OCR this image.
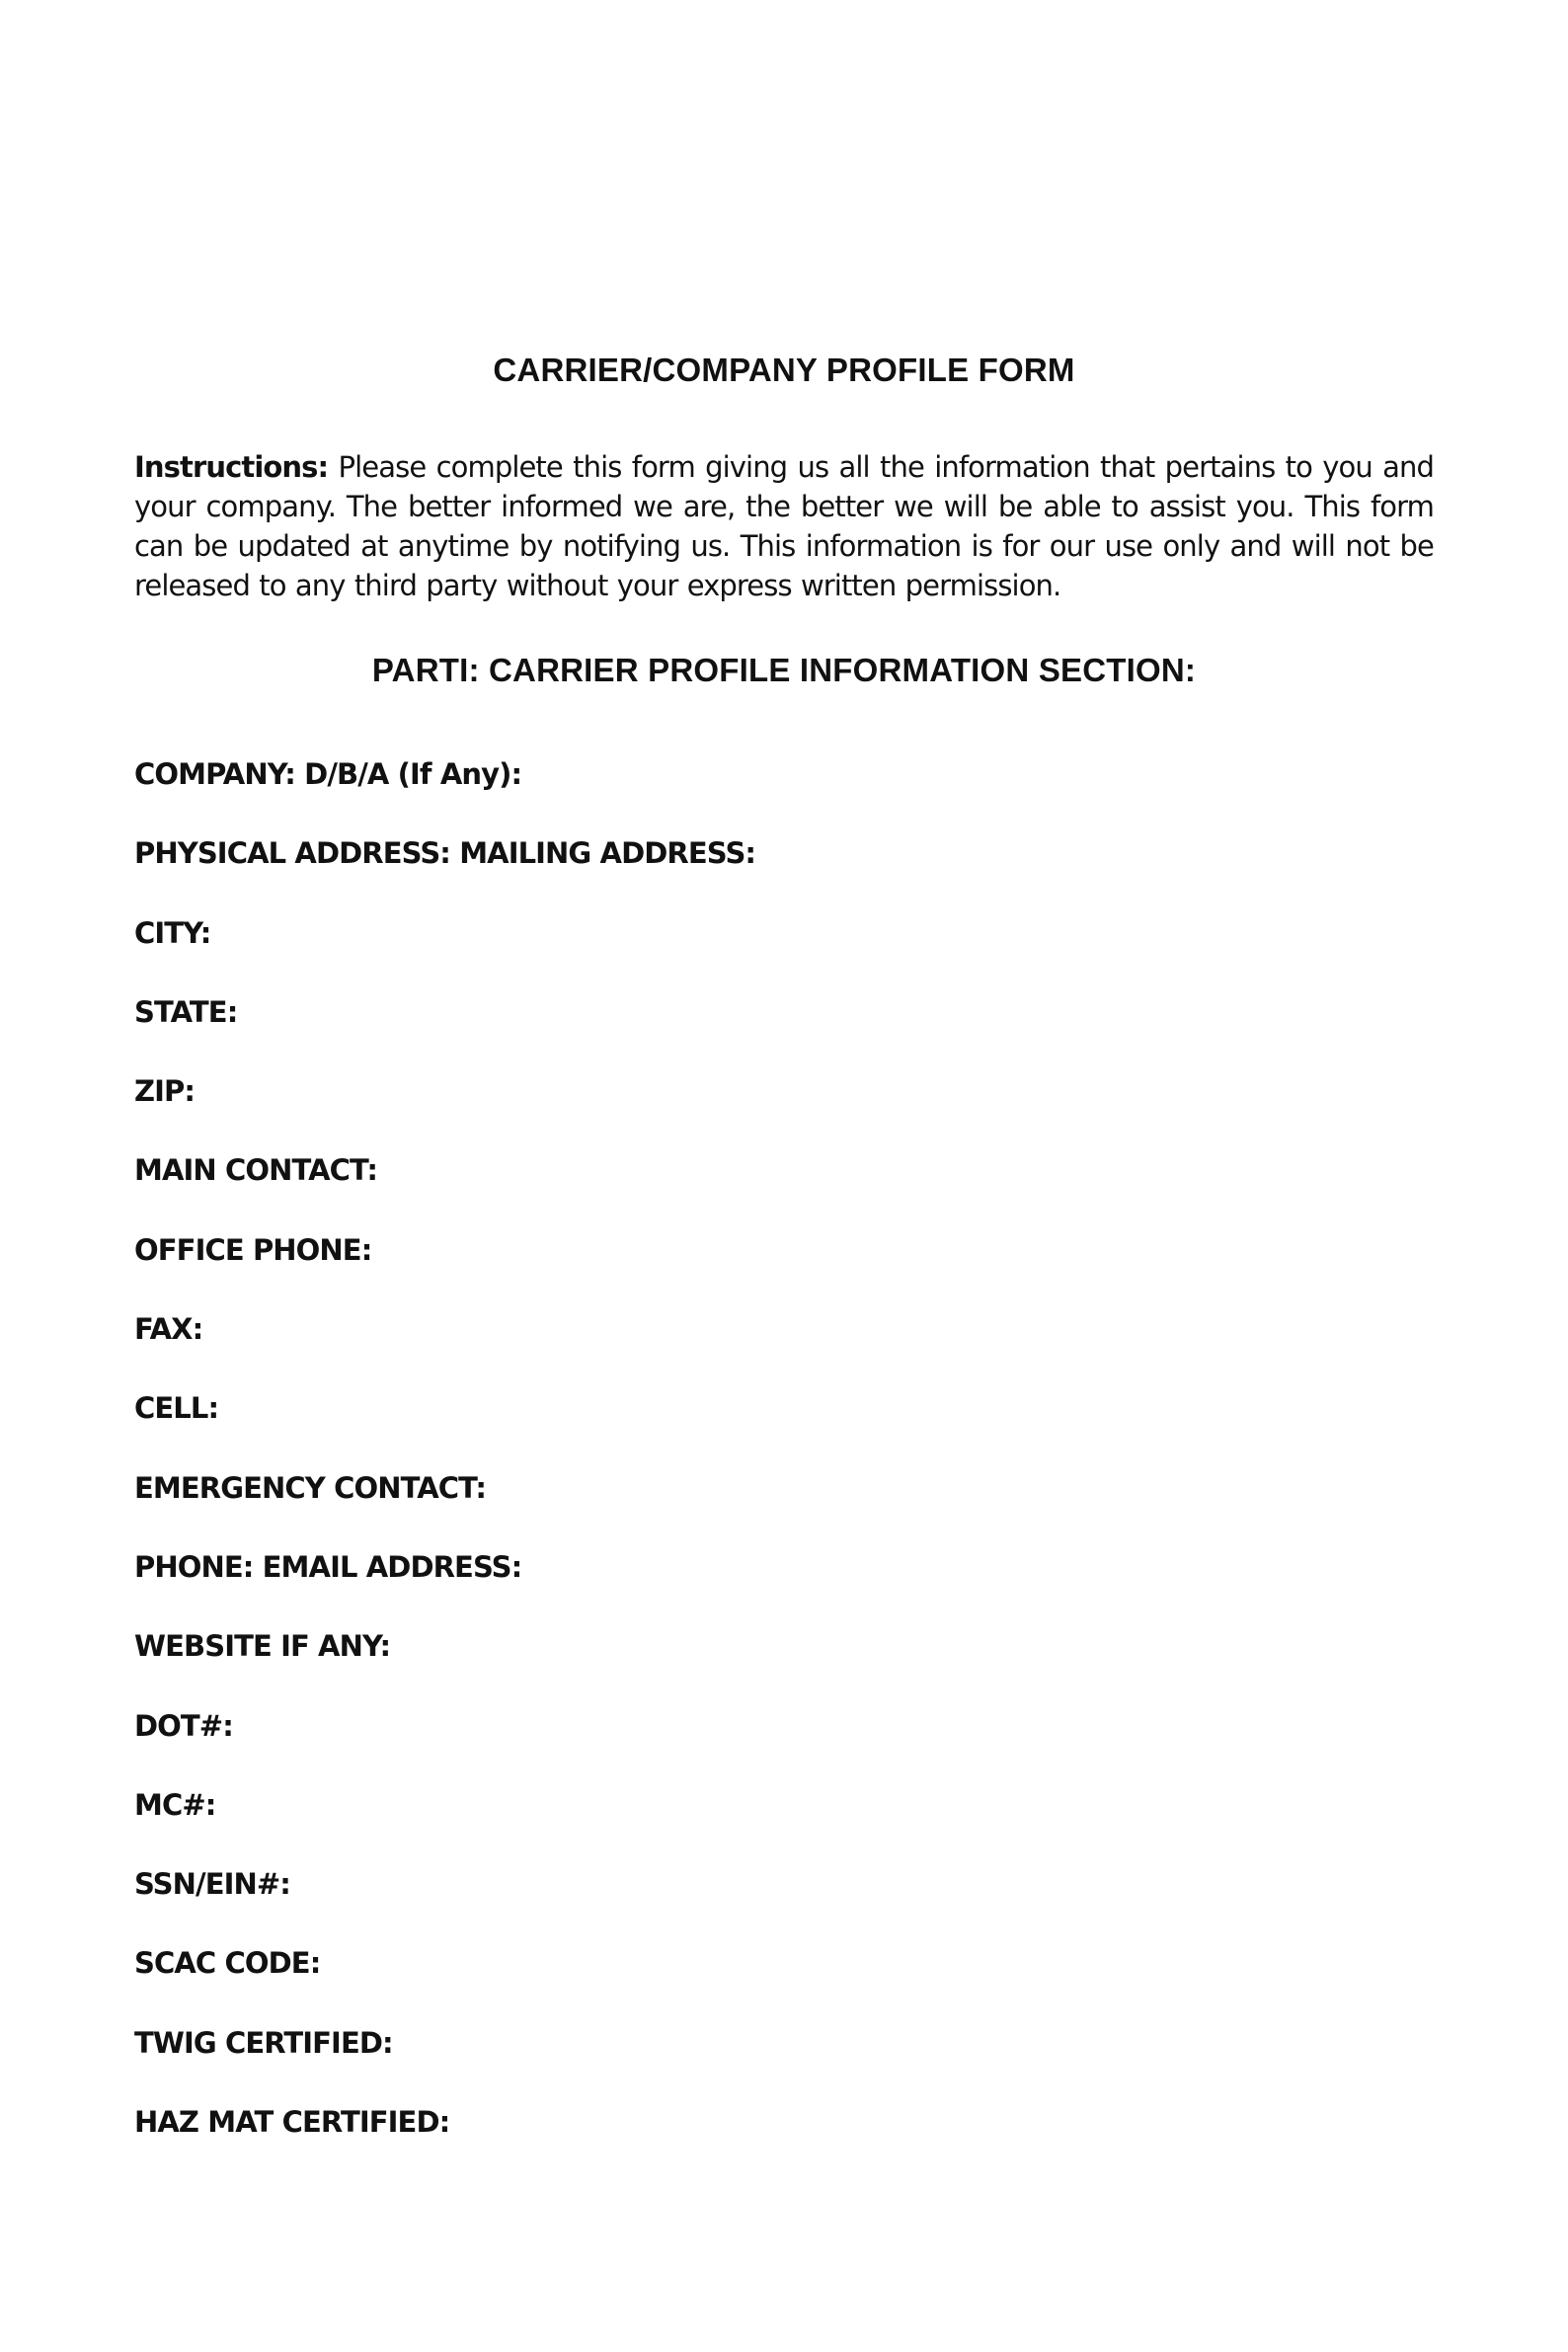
CARRIER/COMPANY PROFILE FORM

Instructions: Please complete this form giving us all the information that pertains to you and your company. The better informed we are, the better we will be able to assist you. This form can be updated at anytime by notifying us. This information is for our use only and will not be released to any third party without your express written permission.

PARTI: CARRIER PROFILE INFORMATION SECTION:
COMPANY: D/B/A (If Any):
PHYSICAL ADDRESS: MAILING ADDRESS:
CITY:
STATE:
ZIP:
MAIN CONTACT:
OFFICE PHONE:
FAX:
CELL:
EMERGENCY CONTACT:
PHONE: EMAIL ADDRESS:
WEBSITE IF ANY:
DOT#:
MC#:
SSN/EIN#:
SCAC CODE:
TWIG CERTIFIED:
HAZ MAT CERTIFIED:
